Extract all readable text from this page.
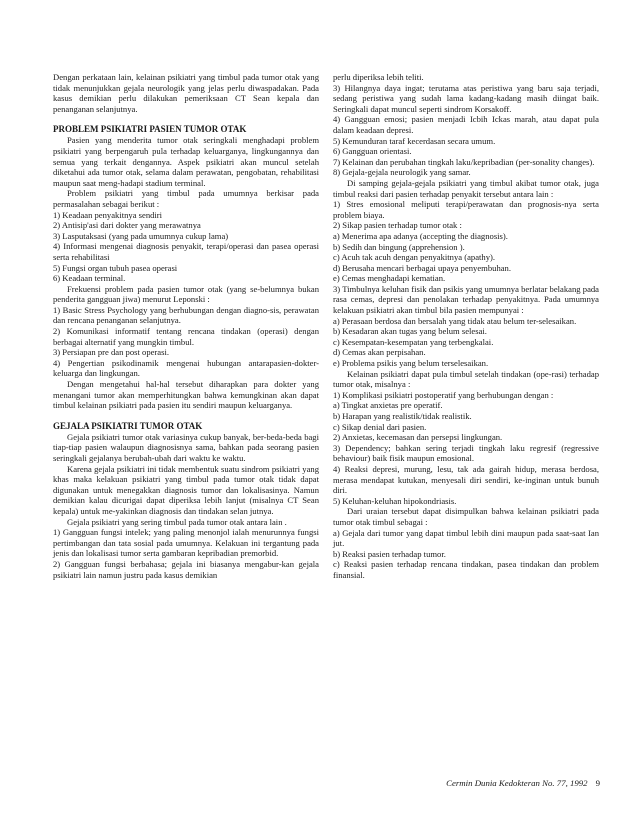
Dengan perkataan lain, kelainan psikiatri yang timbul pada tumor otak yang tidak menunjukkan gejala neurologik yang jelas perlu diwaspadakan. Pada kasus demikian perlu dilakukan pemeriksaan CT Sean kepala dan penanganan selanjutnya.

PROBLEM PSIKIATRI PASIEN TUMOR OTAK

Pasien yang menderita tumor otak seringkali menghadapi problem psikiatri yang berpengaruh pula terhadap keluarganya, lingkungannya dan semua yang terkait dengannya. Aspek psikiatri akan muncul setelah diketahui ada tumor otak, selama dalam perawatan, pengobatan, rehabilitasi maupun saat meng-hadapi stadium terminal.

Problem psikiatri yang timbul pada umumnya berkisar pada permasalahan sebagai berikut :

1) Keadaan penyakitnya sendiri

2) Antisip'asi dari dokter yang merawatnya

3) Lasputaksasi (yang pada umumnya cukup lama)

4) Informasi mengenai diagnosis penyakit, terapi/operasi dan pasea operasi serta rehabilitasi

5) Fungsi organ tubuh pasea operasi

6) Keadaan terminal.

Frekuensi problem pada pasien tumor otak (yang se-belumnya bukan penderita gangguan jiwa) menurut Leponski :

1) Basic Stress Psychology yang berhubungan dengan diagno-sis, perawatan dan rencana penanganan selanjutnya.

2) Komunikasi informatif tentang rencana tindakan (operasi) dengan berbagai alternatif yang mungkin timbul.

3) Persiapan pre dan post operasi.

4) Pengertian psikodinamik mengenai hubungan antarapasien-dokter-keluarga dan lingkungan.

Dengan mengetahui hal-hal tersebut diharapkan para dokter yang menangani tumor akan memperhitungkan bahwa kemungkinan akan dapat timbul kelainan psikiatri pada pasien itu sendiri maupun keluarganya.

GEJALA PSIKIATRI TUMOR OTAK

Gejala psikiatri tumor otak variasinya cukup banyak, ber-beda-beda bagi tiap-tiap pasien walaupun diagnosisnya sama, bahkan pada seorang pasien seringkali gejalanya berubah-ubah dari waktu ke waktu.

Karena gejala psikiatri ini tidak membentuk suatu sindrom psikiatri yang khas maka kelakuan psikiatri yang timbul pada tumor otak tidak dapat digunakan untuk menegakkan diagnosis tumor dan lokalisasinya. Namun demikian kalau dicurigai dapat diperiksa lebih lanjut (misalnya CT Sean kepala) untuk me-yakinkan diagnosis dan tindakan selan jutnya.

Gejala psikiatri yang sering timbul pada tumor otak antara lain .

1) Gangguan fungsi intelek; yang paling menonjol ialah menurunnya fungsi pertimbangan dan tata sosial pada umumnya. Kelakuan ini tergantung pada jenis dan lokalisasi tumor serta gambaran kepribadian premorbid.

2) Gangguan fungsi berbahasa; gejala ini biasanya mengabur-kan gejala psikiatri lain namun justru pada kasus demikian

perlu diperiksa lebih teliti.

3) Hilangnya daya ingat; terutama atas peristiwa yang baru saja terjadi, sedang peristiwa yang sudah lama kadang-kadang masih diingat baik. Seringkali dapat muncul seperti sindrom Korsakoff.

4) Gangguan emosi; pasien menjadi Icbih Ickas marah, atau dapat pula dalam keadaan depresi.

5) Kemunduran taraf kecerdasan secara umum.

6) Gangguan orientasi.

7) Kelainan dan perubahan tingkah laku/kepribadian (per-sonality changes).

8) Gejala-gejala neurologik yang samar.

Di samping gejala-gejala psikiatri yang timbul akibat tumor otak, juga timbul reaksi dari pasien terhadap penyakit tersebut antara lain :

1) Stres emosional meliputi terapi/perawatan dan prognosis-nya serta problem biaya.

2) Sikap pasien terhadap tumor otak :

a) Menerima apa adanya (accepting the diagnosis).

b) Sedih dan bingung (apprehension ).

c) Acuh tak acuh dengan penyakitnya (apathy).

d) Berusaha mencari berbagai upaya penyembuhan.

e) Cemas menghadapi kematian.

3) Timbulnya keluhan fisik dan psikis yang umumnya berlatar belakang pada rasa cemas, depresi dan penolakan terhadap penyakitnya. Pada umumnya kelakuan psikiatri akan timbul bila pasien mempunyai :

a) Perasaan berdosa dan bersalah yang tidak atau belum ter-selesaikan.

b) Kesadaran akan tugas yang belum selesai.

c) Kesempatan-kesempatan yang terbengkalai.

d) Cemas akan perpisahan.

e) Problema psikis yang belum terselesaikan.

Kelainan psikiatri dapat pula timbul setelah tindakan (ope-rasi) terhadap tumor otak, misalnya :

1) Komplikasi psikiatri postoperatif yang berhubungan dengan :

a) Tingkat anxietas pre operatif.

b) Harapan yang realistik/tidak realistik.

c) Sikap denial dari pasien.

2) Anxietas, kecemasan dan persepsi lingkungan.

3) Dependency; bahkan sering terjadi tingkah laku regresif (regressive behaviour) baik fisik maupun emosional.

4) Reaksi depresi, murung, lesu, tak ada gairah hidup, merasa berdosa, merasa mendapat kutukan, menyesali diri sendiri, ke-inginan untuk bunuh diri.

5) Keluhan-keluhan hipokondriasis.

Dari uraian tersebut dapat disimpulkan bahwa kelainan psikiatri pada tumor otak timbul sebagai :

a) Gejala dari tumor yang dapat timbul lebih dini maupun pada saat-saat Ian jut.

b) Reaksi pasien terhadap tumor.

c) Reaksi pasien terhadap rencana tindakan, pasea tindakan dan problem finansial.

Cermin Dunia Kedokteran No. 77, 1992 9
